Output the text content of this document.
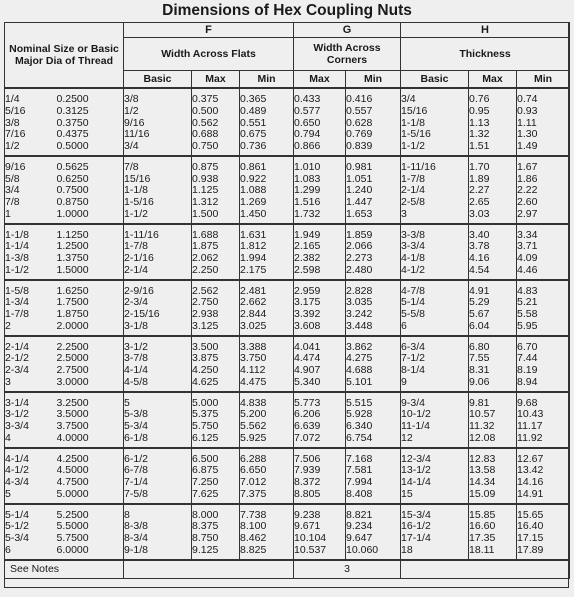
Dimensions of Hex Coupling Nuts
Nominal Size or Basic Major Dia of Thread		F			G		H		
		Width Across Flats			Width Across Corners		Thickness		
		Basic	Max	Min	Max	Min	Basic	Max	Min
1/4	0.2500	3/8	0.375	0.365	0.433	0.416	3/4	0.76	0.74
5/16	0.3125	1/2	0.500	0.489	0.577	0.557	15/16	0.95	0.93
3/8	0.3750	9/16	0.562	0.551	0.650	0.628	1-1/8	1.13	1.11
7/16	0.4375	11/16	0.688	0.675	0.794	0.769	1-5/16	1.32	1.30
1/2	0.5000	3/4	0.750	0.736	0.866	0.839	1-1/2	1.51	1.49
9/16	0.5625	7/8	0.875	0.861	1.010	0.981	1-11/16	1.70	1.67
5/8	0.6250	15/16	0.938	0.922	1.083	1.051	1-7/8	1.89	1.86
3/4	0.7500	1-1/8	1.125	1.088	1.299	1.240	2-1/4	2.27	2.22
7/8	0.8750	1-5/16	1.312	1.269	1.516	1.447	2-5/8	2.65	2.60
1	1.0000	1-1/2	1.500	1.450	1.732	1.653	3	3.03	2.97
1-1/8	1.1250	1-11/16	1.688	1.631	1.949	1.859	3-3/8	3.40	3.34
1-1/4	1.2500	1-7/8	1.875	1.812	2.165	2.066	3-3/4	3.78	3.71
1-3/8	1.3750	2-1/16	2.062	1.994	2.382	2.273	4-1/8	4.16	4.09
1-1/2	1.5000	2-1/4	2.250	2.175	2.598	2.480	4-1/2	4.54	4.46
1-5/8	1.6250	2-9/16	2.562	2.481	2.959	2.828	4-7/8	4.91	4.83
1-3/4	1.7500	2-3/4	2.750	2.662	3.175	3.035	5-1/4	5.29	5.21
1-7/8	1.8750	2-15/16	2.938	2.844	3.392	3.242	5-5/8	5.67	5.58
2	2.0000	3-1/8	3.125	3.025	3.608	3.448	6	6.04	5.95
2-1/4	2.2500	3-1/2	3.500	3.388	4.041	3.862	6-3/4	6.80	6.70
2-1/2	2.5000	3-7/8	3.875	3.750	4.474	4.275	7-1/2	7.55	7.44
2-3/4	2.7500	4-1/4	4.250	4.112	4.907	4.688	8-1/4	8.31	8.19
3	3.0000	4-5/8	4.625	4.475	5.340	5.101	9	9.06	8.94
3-1/4	3.2500	5	5.000	4.838	5.773	5.515	9-3/4	9.81	9.68
3-1/2	3.5000	5-3/8	5.375	5.200	6.206	5.928	10-1/2	10.57	10.43
3-3/4	3.7500	5-3/4	5.750	5.562	6.639	6.340	11-1/4	11.32	11.17
4	4.0000	6-1/8	6.125	5.925	7.072	6.754	12	12.08	11.92
4-1/4	4.2500	6-1/2	6.500	6.288	7.506	7.168	12-3/4	12.83	12.67
4-1/2	4.5000	6-7/8	6.875	6.650	7.939	7.581	13-1/2	13.58	13.42
4-3/4	4.7500	7-1/4	7.250	7.012	8.372	7.994	14-1/4	14.34	14.16
5	5.0000	7-5/8	7.625	7.375	8.805	8.408	15	15.09	14.91
5-1/4	5.2500	8	8.000	7.738	9.238	8.821	15-3/4	15.85	15.65
5-1/2	5.5000	8-3/8	8.375	8.100	9.671	9.234	16-1/2	16.60	16.40
5-3/4	5.7500	8-3/4	8.750	8.462	10.104	9.647	17-1/4	17.35	17.15
6	6.0000	9-1/8	9.125	8.825	10.537	10.060	18	18.11	17.89
See Notes					3				
